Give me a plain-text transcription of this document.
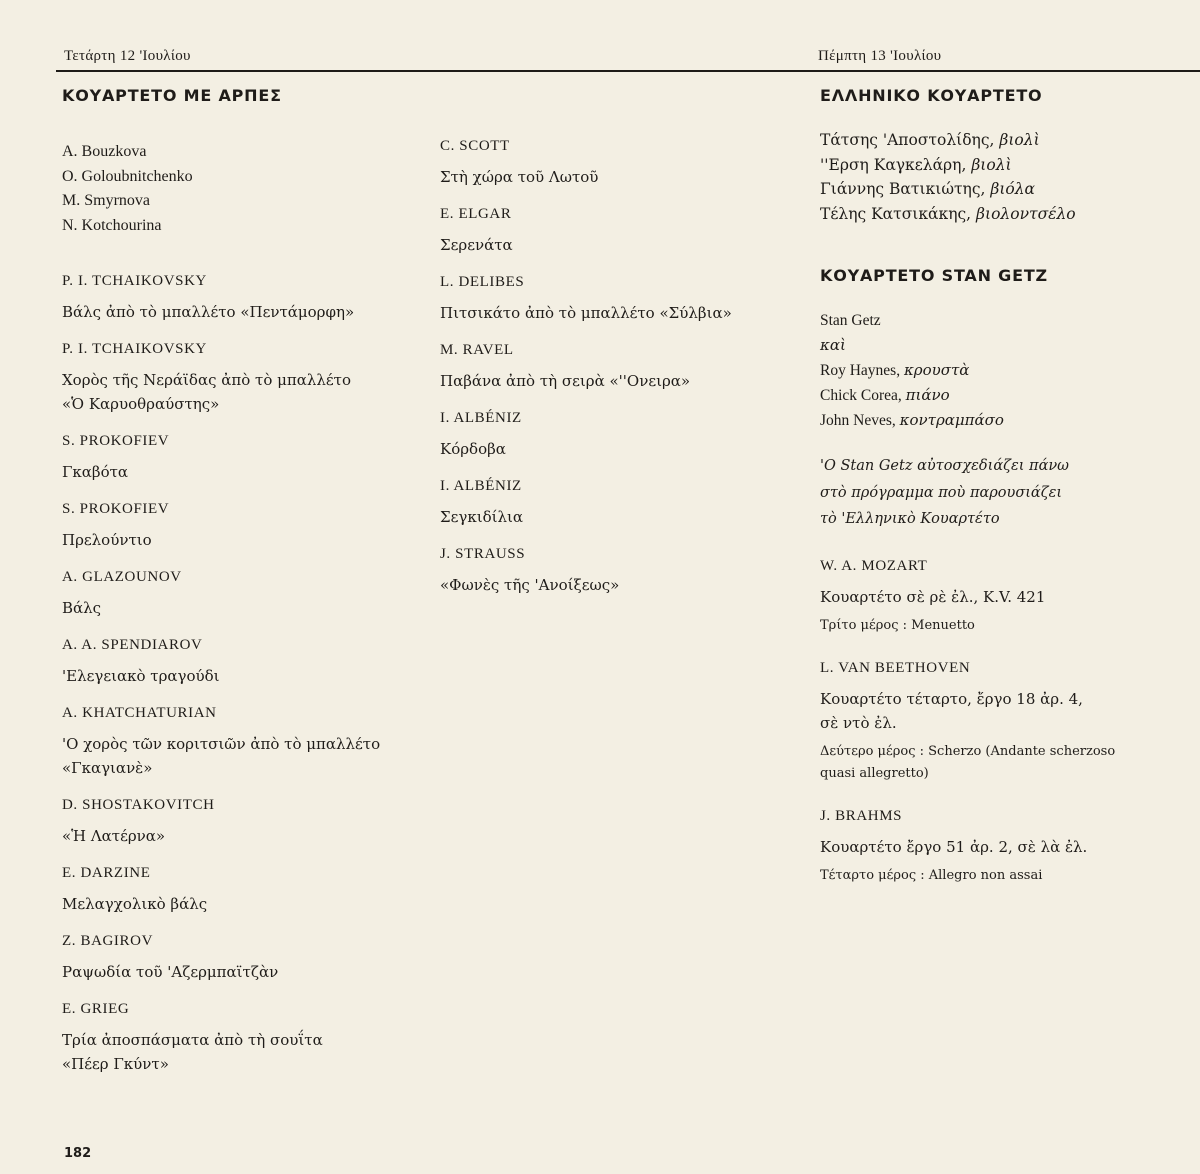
Τετάρτη 12 'Ιουλίου	Πέμπτη 13 'Ιουλίου
ΚΟΥΑΡΤΕΤΟ ΜΕ ΑΡΠΕΣ
A. Bouzkova
O. Goloubnitchenko
M. Smyrnova
N. Kotchourina
P. I. TCHAIKOVSKY
Βάλς ἀπὸ τὸ μπαλλέτο «Πεντάμορφη»
P. I. TCHAIKOVSKY
Χορὸς τῆς Νεράϊδας ἀπὸ τὸ μπαλλέτο
«Ὁ Καρυοθραύστης»
S. PROKOFIEV
Γκαβότα
S. PROKOFIEV
Πρελούντιο
A. GLAZOUNOV
Βάλς
A. A. SPENDIAROV
'Ελεγειακὸ τραγούδι
A. KHATCHATURIAN
'Ο χορὸς τῶν κοριτσιῶν ἀπὸ τὸ μπαλλέτο
«Γκαγιανὲ»
D. SHOSTAKOVITCH
«Ἡ Λατέρνα»
E. DARZINE
Μελαγχολικὸ βάλς
Z. BAGIROV
Ραψωδία τοῦ 'Αζερμπαϊτζὰν
E. GRIEG
Τρία ἀποσπάσματα ἀπὸ τὴ σουΐτα
«Πέερ Γκύντ»
C. SCOTT
Στὴ χώρα τοῦ Λωτοῦ
E. ELGAR
Σερενάτα
L. DELIBES
Πιτσικάτο ἀπὸ τὸ μπαλλέτο «Σύλβια»
M. RAVEL
Παβάνα ἀπὸ τὴ σειρὰ «''Ονειρα»
I. ALBÉNIZ
Κόρδοβα
I. ALBÉNIZ
Σεγκιδίλια
J. STRAUSS
«Φωνὲς τῆς 'Ανοίξεως»
ΕΛΛΗΝΙΚΟ ΚΟΥΑΡΤΕΤΟ
Τάτσης 'Αποστολίδης, βιολὶ
''Ερση Καγκελάρη, βιολὶ
Γιάννης Βατικιώτης, βιόλα
Τέλης Κατσικάκης, βιολοντσέλο
ΚΟΥΑΡΤΕΤΟ STAN GETZ
Stan Getz
καὶ
Roy Haynes, κρουστὰ
Chick Corea, πιάνο
John Neves, κοντραμπάσο
'Ο Stan Getz αὐτοσχεδιάζει πάνω
στὸ πρόγραμμα ποὺ παρουσιάζει
τὸ 'Ελληνικὸ Κουαρτέτο
W. A. MOZART
Κουαρτέτο σὲ ρὲ ἐλ., K.V. 421
Τρίτο μέρος : Menuetto
L. VAN BEETHOVEN
Κουαρτέτο τέταρτο, ἔργο 18 ἀρ. 4,
σὲ ντὸ ἐλ.
Δεύτερο μέρος : Scherzo (Andante scherzoso
quasi allegretto)
J. BRAHMS
Κουαρτέτο ἔργο 51 ἀρ. 2, σὲ λὰ ἐλ.
Τέταρτο μέρος : Allegro non assai
182
